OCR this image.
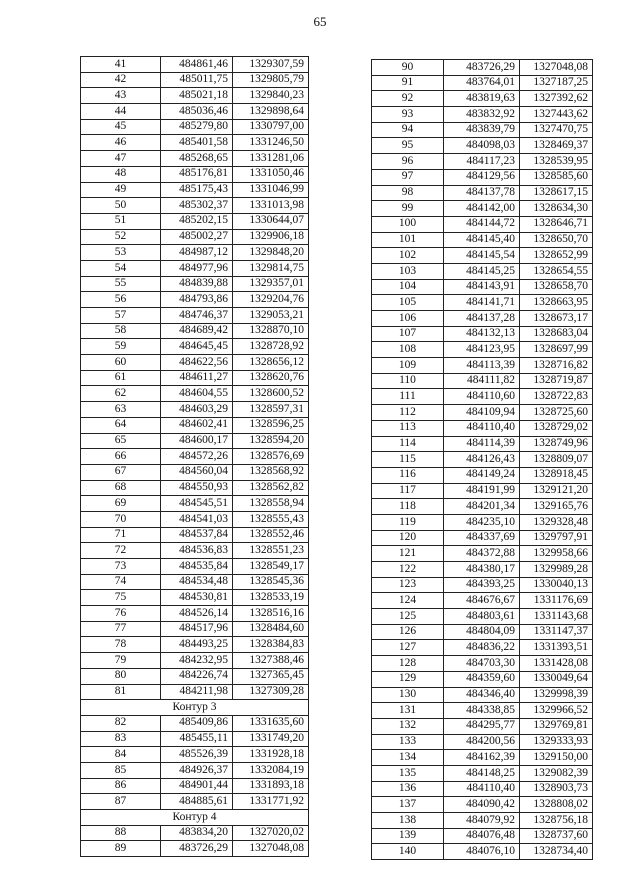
65
41	484861,46	1329307,59
42	485011,75	1329805,79
43	485021,18	1329840,23
44	485036,46	1329898,64
45	485279,80	1330797,00
46	485401,58	1331246,50
47	485268,65	1331281,06
48	485176,81	1331050,46
49	485175,43	1331046,99
50	485302,37	1331013,98
51	485202,15	1330644,07
52	485002,27	1329906,18
53	484987,12	1329848,20
54	484977,96	1329814,75
55	484839,88	1329357,01
56	484793,86	1329204,76
57	484746,37	1329053,21
58	484689,42	1328870,10
59	484645,45	1328728,92
60	484622,56	1328656,12
61	484611,27	1328620,76
62	484604,55	1328600,52
63	484603,29	1328597,31
64	484602,41	1328596,25
65	484600,17	1328594,20
66	484572,26	1328576,69
67	484560,04	1328568,92
68	484550,93	1328562,82
69	484545,51	1328558,94
70	484541,03	1328555,43
71	484537,84	1328552,46
72	484536,83	1328551,23
73	484535,84	1328549,17
74	484534,48	1328545,36
75	484530,81	1328533,19
76	484526,14	1328516,16
77	484517,96	1328484,60
78	484493,25	1328384,83
79	484232,95	1327388,46
80	484226,74	1327365,45
81	484211,98	1327309,28
Контур 3		
82	485409,86	1331635,60
83	485455,11	1331749,20
84	485526,39	1331928,18
85	484926,37	1332084,19
86	484901,44	1331893,18
87	484885,61	1331771,92
Контур 4		
88	483834,20	1327020,02
89	483726,29	1327048,08
90	483726,29	1327048,08
91	483764,01	1327187,25
92	483819,63	1327392,62
93	483832,92	1327443,62
94	483839,79	1327470,75
95	484098,03	1328469,37
96	484117,23	1328539,95
97	484129,56	1328585,60
98	484137,78	1328617,15
99	484142,00	1328634,30
100	484144,72	1328646,71
101	484145,40	1328650,70
102	484145,54	1328652,99
103	484145,25	1328654,55
104	484143,91	1328658,70
105	484141,71	1328663,95
106	484137,28	1328673,17
107	484132,13	1328683,04
108	484123,95	1328697,99
109	484113,39	1328716,82
110	484111,82	1328719,87
111	484110,60	1328722,83
112	484109,94	1328725,60
113	484110,40	1328729,02
114	484114,39	1328749,96
115	484126,43	1328809,07
116	484149,24	1328918,45
117	484191,99	1329121,20
118	484201,34	1329165,76
119	484235,10	1329328,48
120	484337,69	1329797,91
121	484372,88	1329958,66
122	484380,17	1329989,28
123	484393,25	1330040,13
124	484676,67	1331176,69
125	484803,61	1331143,68
126	484804,09	1331147,37
127	484836,22	1331393,51
128	484703,30	1331428,08
129	484359,60	1330049,64
130	484346,40	1329998,39
131	484338,85	1329966,52
132	484295,77	1329769,81
133	484200,56	1329333,93
134	484162,39	1329150,00
135	484148,25	1329082,39
136	484110,40	1328903,73
137	484090,42	1328808,02
138	484079,92	1328756,18
139	484076,48	1328737,60
140	484076,10	1328734,40
